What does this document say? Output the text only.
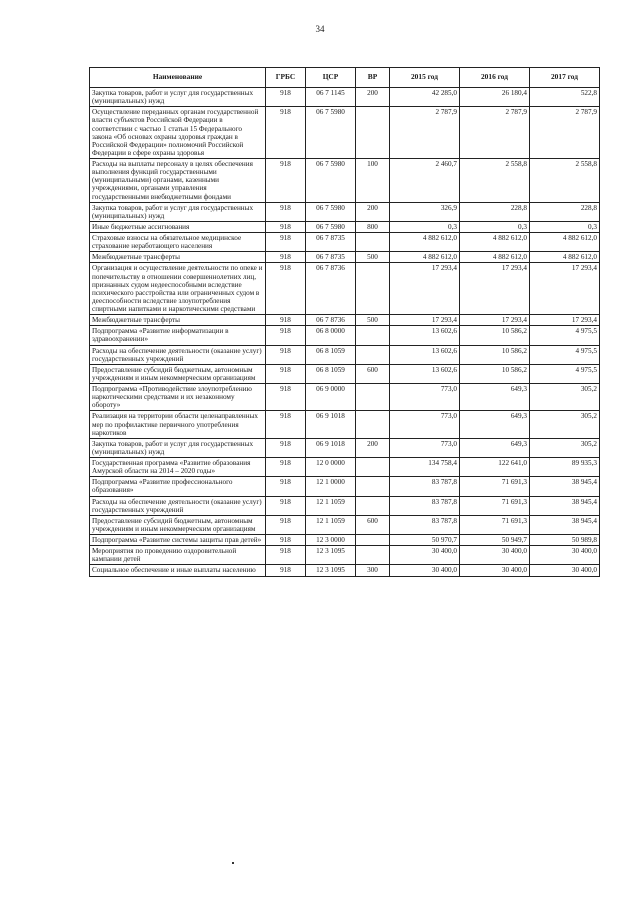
34
Наименование	ГРБС	ЦСР	ВР	2015 год	2016 год	2017 год
Закупка товаров, работ и услуг для государственных (муниципальных) нужд	918	06 7 1145	200	42 285,0	26 180,4	522,8
Осуществление переданных органам государственной власти субъектов Российской Федерации в соответствии с частью 1 статьи 15 Федерального закона «Об основах охраны здоровья граждан в Российской Федерации» полномочий Российской Федерации в сфере охраны здоровья	918	06 7 5980		2 787,9	2 787,9	2 787,9
Расходы на выплаты персоналу в целях обеспечения выполнения функций государственными (муниципальными) органами, казенными учреждениями, органами управления государственными внебюджетными фондами	918	06 7 5980	100	2 460,7	2 558,8	2 558,8
Закупка товаров, работ и услуг для государственных (муниципальных) нужд	918	06 7 5980	200	326,9	228,8	228,8
Иные бюджетные ассигнования	918	06 7 5980	800	0,3	0,3	0,3
Страховые взносы на обязательное медицинское страхование неработающего населения	918	06 7 8735		4 882 612,0	4 882 612,0	4 882 612,0
Межбюджетные трансферты	918	06 7 8735	500	4 882 612,0	4 882 612,0	4 882 612,0
Организация и осуществление деятельности по опеке и попечительству в отношении совершеннолетних лиц, признанных судом недееспособными вследствие психического расстройства или ограниченных судом в дееспособности вследствие злоупотребления спиртными напитками и наркотическими средствами	918	06 7 8736		17 293,4	17 293,4	17 293,4
Межбюджетные трансферты	918	06 7 8736	500	17 293,4	17 293,4	17 293,4
Подпрограмма «Развитие информатизации в здравоохранении»	918	06 8 0000		13 602,6	10 586,2	4 975,5
Расходы на обеспечение деятельности (оказание услуг) государственных учреждений	918	06 8 1059		13 602,6	10 586,2	4 975,5
Предоставление субсидий бюджетным, автономным учреждениям и иным некоммерческим организациям	918	06 8 1059	600	13 602,6	10 586,2	4 975,5
Подпрограмма «Противодействие злоупотреблению наркотическими средствами и их незаконному обороту»	918	06 9 0000		773,0	649,3	305,2
Реализация на территории области целенаправленных мер по профилактике первичного употребления наркотиков	918	06 9 1018		773,0	649,3	305,2
Закупка товаров, работ и услуг для государственных (муниципальных) нужд	918	06 9 1018	200	773,0	649,3	305,2
Государственная программа «Развитие образования Амурской области на 2014 – 2020 годы»	918	12 0 0000		134 758,4	122 641,0	89 935,3
Подпрограмма «Развитие профессионального образования»	918	12 1 0000		83 787,8	71 691,3	38 945,4
Расходы на обеспечение деятельности (оказание услуг) государственных учреждений	918	12 1 1059		83 787,8	71 691,3	38 945,4
Предоставление субсидий бюджетным, автономным учреждениям и иным некоммерческим организациям	918	12 1 1059	600	83 787,8	71 691,3	38 945,4
Подпрограмма «Развитие системы защиты прав детей»	918	12 3 0000		50 970,7	50 949,7	50 989,8
Мероприятия по проведению оздоровительной кампании детей	918	12 3 1095		30 400,0	30 400,0	30 400,0
Социальное обеспечение и иные выплаты населению	918	12 3 1095	300	30 400,0	30 400,0	30 400,0
